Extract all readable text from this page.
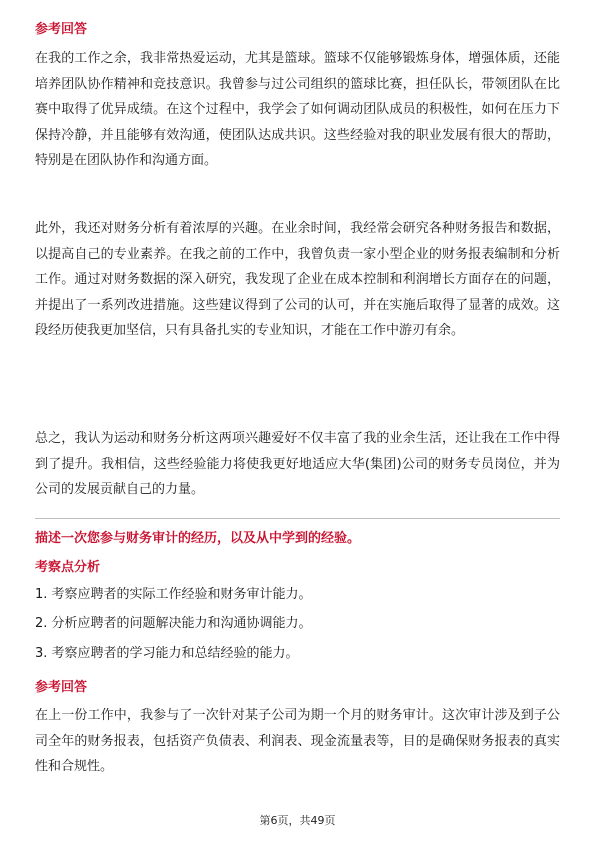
参考回答

在我的工作之余，我非常热爱运动，尤其是篮球。篮球不仅能够锻炼身体，增强体质，还能培养团队协作精神和竞技意识。我曾参与过公司组织的篮球比赛，担任队长，带领团队在比赛中取得了优异成绩。在这个过程中，我学会了如何调动团队成员的积极性，如何在压力下保持冷静，并且能够有效沟通，使团队达成共识。这些经验对我的职业发展有很大的帮助，特别是在团队协作和沟通方面。

此外，我还对财务分析有着浓厚的兴趣。在业余时间，我经常会研究各种财务报告和数据，以提高自己的专业素养。在我之前的工作中，我曾负责一家小型企业的财务报表编制和分析工作。通过对财务数据的深入研究，我发现了企业在成本控制和利润增长方面存在的问题，并提出了一系列改进措施。这些建议得到了公司的认可，并在实施后取得了显著的成效。这段经历使我更加坚信，只有具备扎实的专业知识，才能在工作中游刃有余。

总之，我认为运动和财务分析这两项兴趣爱好不仅丰富了我的业余生活，还让我在工作中得到了提升。我相信，这些经验能力将使我更好地适应大华(集团)公司的财务专员岗位，并为公司的发展贡献自己的力量。

描述一次您参与财务审计的经历，以及从中学到的经验。
考察点分析
1. 考察应聘者的实际工作经验和财务审计能力。
2. 分析应聘者的问题解决能力和沟通协调能力。
3. 考察应聘者的学习能力和总结经验的能力。
参考回答

在上一份工作中，我参与了一次针对某子公司为期一个月的财务审计。这次审计涉及到子公司全年的财务报表，包括资产负债表、利润表、现金流量表等，目的是确保财务报表的真实性和合规性。

第6页，共49页
